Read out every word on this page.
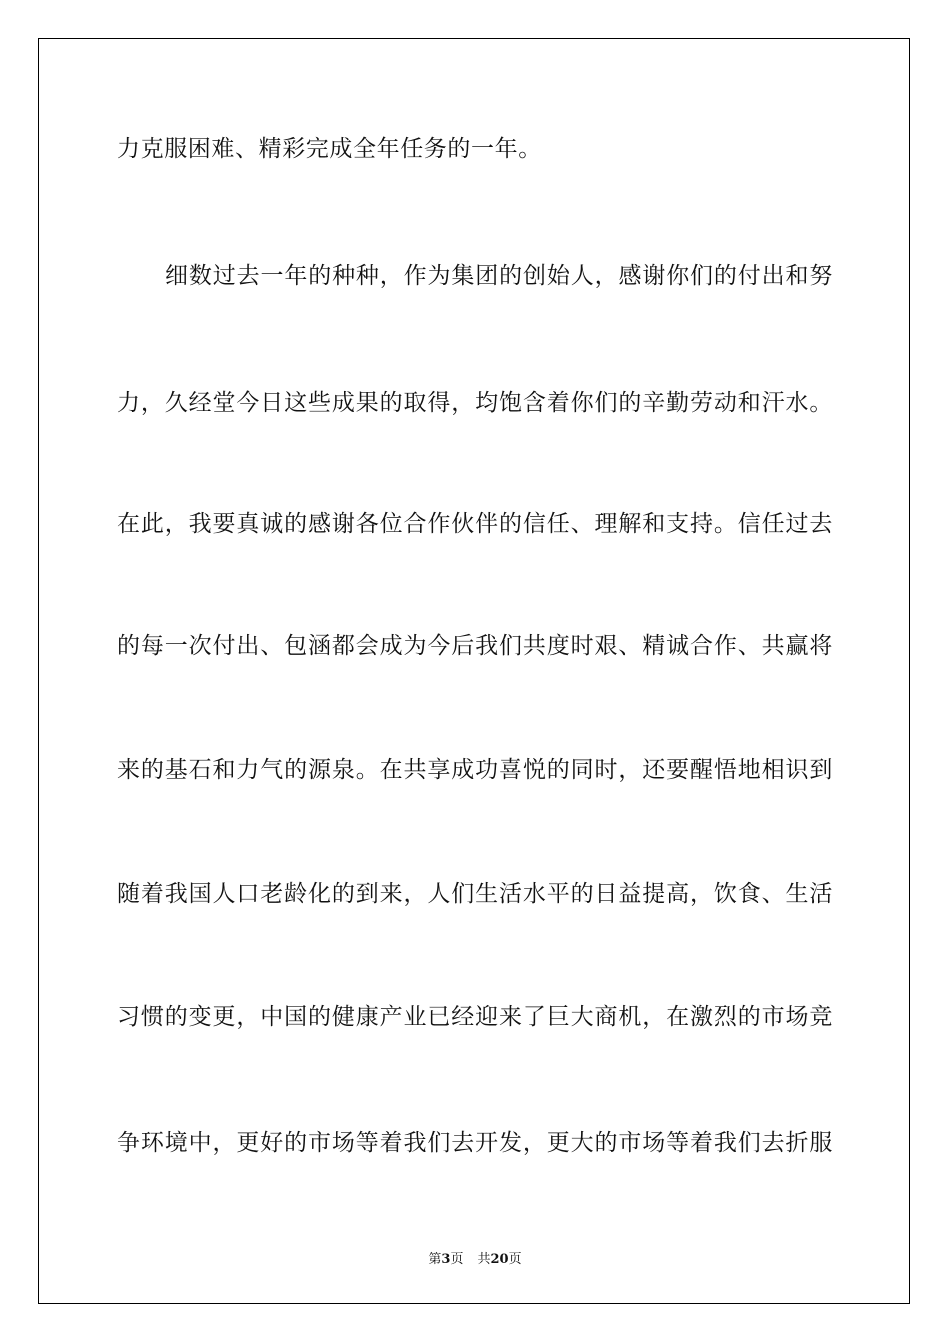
力克服困难、精彩完成全年任务的一年。
细数过去一年的种种，作为集团的创始人，感谢你们的付出和努
力，久经堂今日这些成果的取得，均饱含着你们的辛勤劳动和汗水。
在此，我要真诚的感谢各位合作伙伴的信任、理解和支持。信任过去
的每一次付出、包涵都会成为今后我们共度时艰、精诚合作、共赢将
来的基石和力气的源泉。在共享成功喜悦的同时，还要醒悟地相识到
随着我国人口老龄化的到来，人们生活水平的日益提高，饮食、生活
习惯的变更，中国的健康产业已经迎来了巨大商机，在激烈的市场竞
争环境中，更好的市场等着我们去开发，更大的市场等着我们去折服
第3页 共20页
